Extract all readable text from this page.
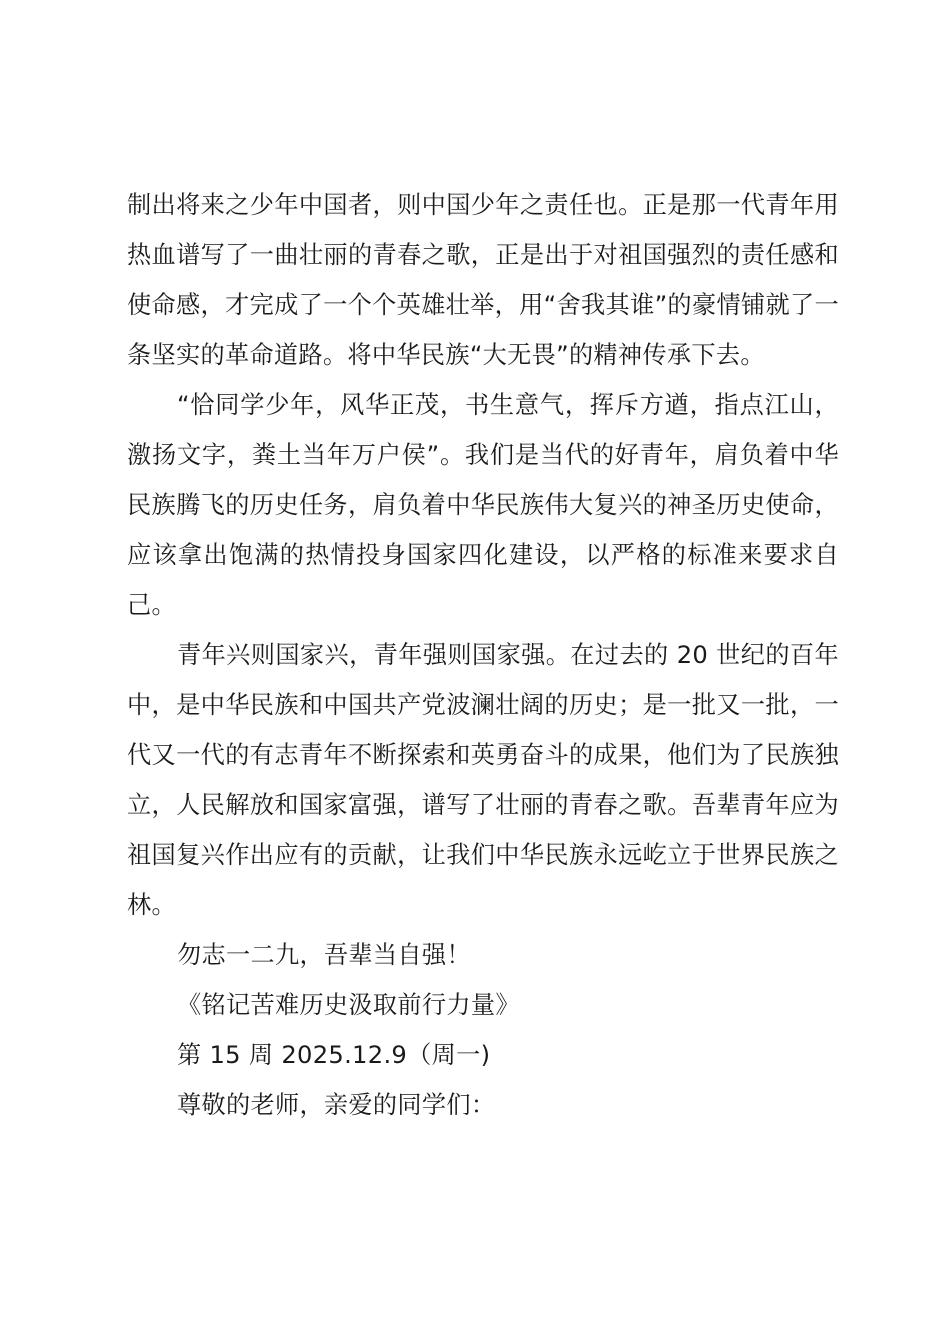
制出将来之少年中国者，则中国少年之责任也。正是那一代青年用热血谱写了一曲壮丽的青春之歌，正是出于对祖国强烈的责任感和使命感，才完成了一个个英雄壮举，用“舍我其谁”的豪情铺就了一条坚实的革命道路。将中华民族“大无畏”的精神传承下去。

“恰同学少年，风华正茂，书生意气，挥斥方遒，指点江山，激扬文字，粪土当年万户侯”。我们是当代的好青年，肩负着中华民族腾飞的历史任务，肩负着中华民族伟大复兴的神圣历史使命，应该拿出饱满的热情投身国家四化建设，以严格的标准来要求自己。

青年兴则国家兴，青年强则国家强。在过去的 20 世纪的百年中，是中华民族和中国共产党波澜壮阔的历史；是一批又一批，一代又一代的有志青年不断探索和英勇奋斗的成果，他们为了民族独立，人民解放和国家富强，谱写了壮丽的青春之歌。吾辈青年应为祖国复兴作出应有的贡献，让我们中华民族永远屹立于世界民族之林。

勿志一二九，吾辈当自强！

《铭记苦难历史汲取前行力量》

第 15 周 2025.12.9（周一)

尊敬的老师，亲爱的同学们：
